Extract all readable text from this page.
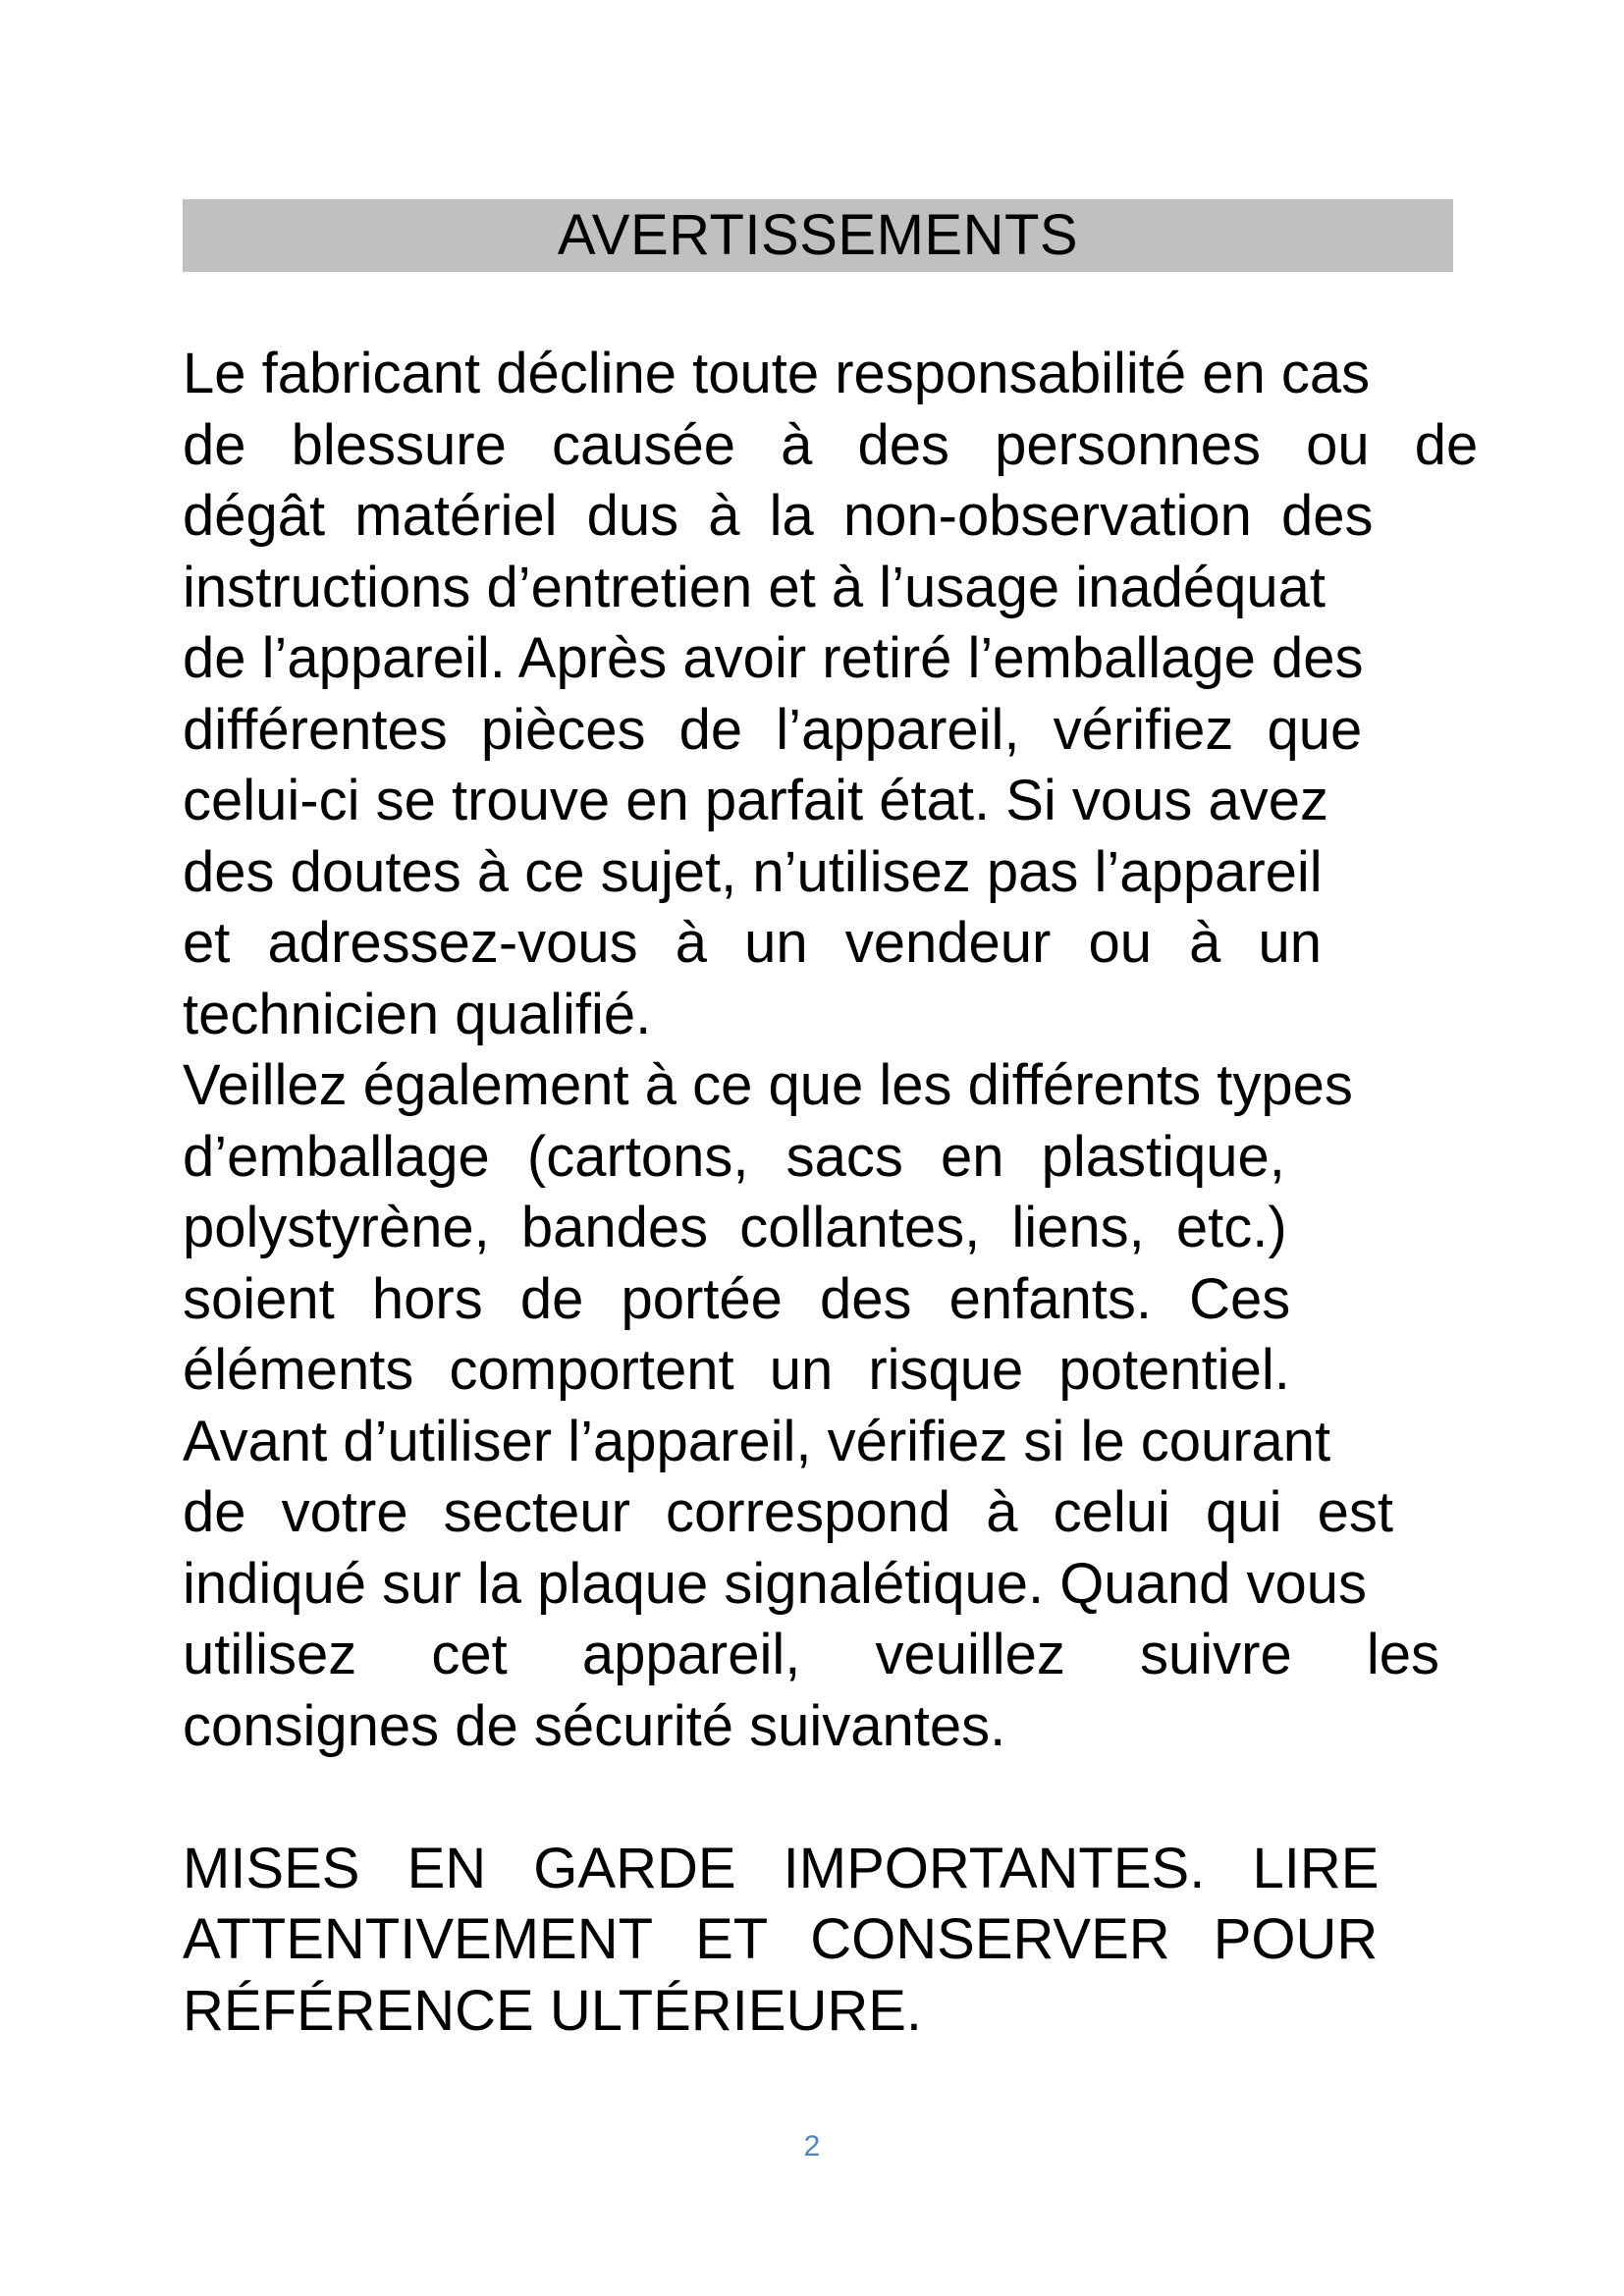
AVERTISSEMENTS
Le fabricant décline toute responsabilité en cas
de blessure causée à des personnes ou de
dégât matériel dus à la non-observation des
instructions d’entretien et à l’usage inadéquat
de l’appareil. Après avoir retiré l’emballage des
différentes pièces de l’appareil, vérifiez que
celui-ci se trouve en parfait état. Si vous avez
des doutes à ce sujet, n’utilisez pas l’appareil
et adressez-vous à un vendeur ou à un
technicien qualifié.
Veillez également à ce que les différents types
d’emballage (cartons, sacs en plastique,
polystyrène, bandes collantes, liens, etc.)
soient hors de portée des enfants. Ces
éléments comportent un risque potentiel.
Avant d’utiliser l’appareil, vérifiez si le courant
de votre secteur correspond à celui qui est
indiqué sur la plaque signalétique. Quand vous
utilisez cet appareil, veuillez suivre les
consignes de sécurité suivantes.
MISES EN GARDE IMPORTANTES. LIRE
ATTENTIVEMENT ET CONSERVER POUR
RÉFÉRENCE ULTÉRIEURE.
2
